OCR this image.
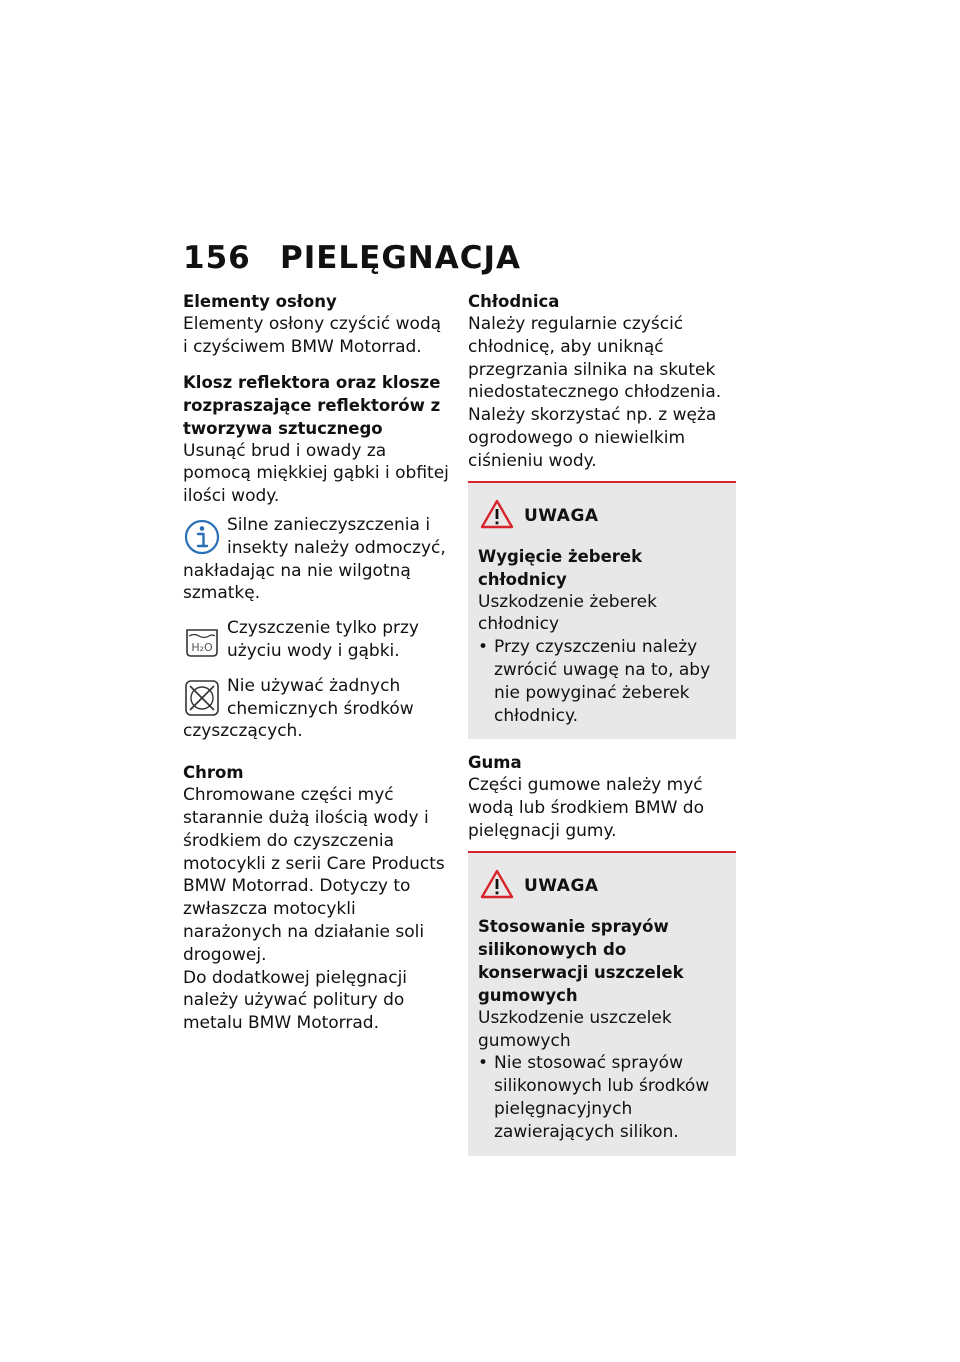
156 PIELĘGNACJA

Elementy osłony

Elementy osłony czyścić wodą i czyściwem BMW Motorrad.

Klosz reflektora oraz klosze rozpraszające reflektorów z tworzywa sztucznego

Usunąć brud i owady za pomocą miękkiej gąbki i obfitej ilości wody.

Silne zanieczyszczenia i insekty należy odmoczyć, nakładając na nie wilgotną szmatkę.

H₂O

Czyszczenie tylko przy użyciu wody i gąbki.

Nie używać żadnych chemicznych środków czyszczących.

Chrom

Chromowane części myć starannie dużą ilością wody i środkiem do czyszczenia motocykli z serii Care Products BMW Motorrad. Dotyczy to zwłaszcza motocykli narażonych na działanie soli drogowej.

Do dodatkowej pielęgnacji należy używać politury do metalu BMW Motorrad.

Chłodnica

Należy regularnie czyścić chłodnicę, aby uniknąć przegrzania silnika na skutek niedostatecznego chłodzenia.

Należy skorzystać np. z węża ogrodowego o niewielkim ciśnieniu wody.

UWAGA

Wygięcie żeberek chłodnicy

Uszkodzenie żeberek chłodnicy

• Przy czyszczeniu należy zwrócić uwagę na to, aby nie powyginać żeberek chłodnicy.

Guma

Części gumowe należy myć wodą lub środkiem BMW do pielęgnacji gumy.

UWAGA

Stosowanie sprayów silikonowych do konserwacji uszczelek gumowych

Uszkodzenie uszczelek gumowych

• Nie stosować sprayów silikonowych lub środków pielęgnacyjnych zawierających silikon.
